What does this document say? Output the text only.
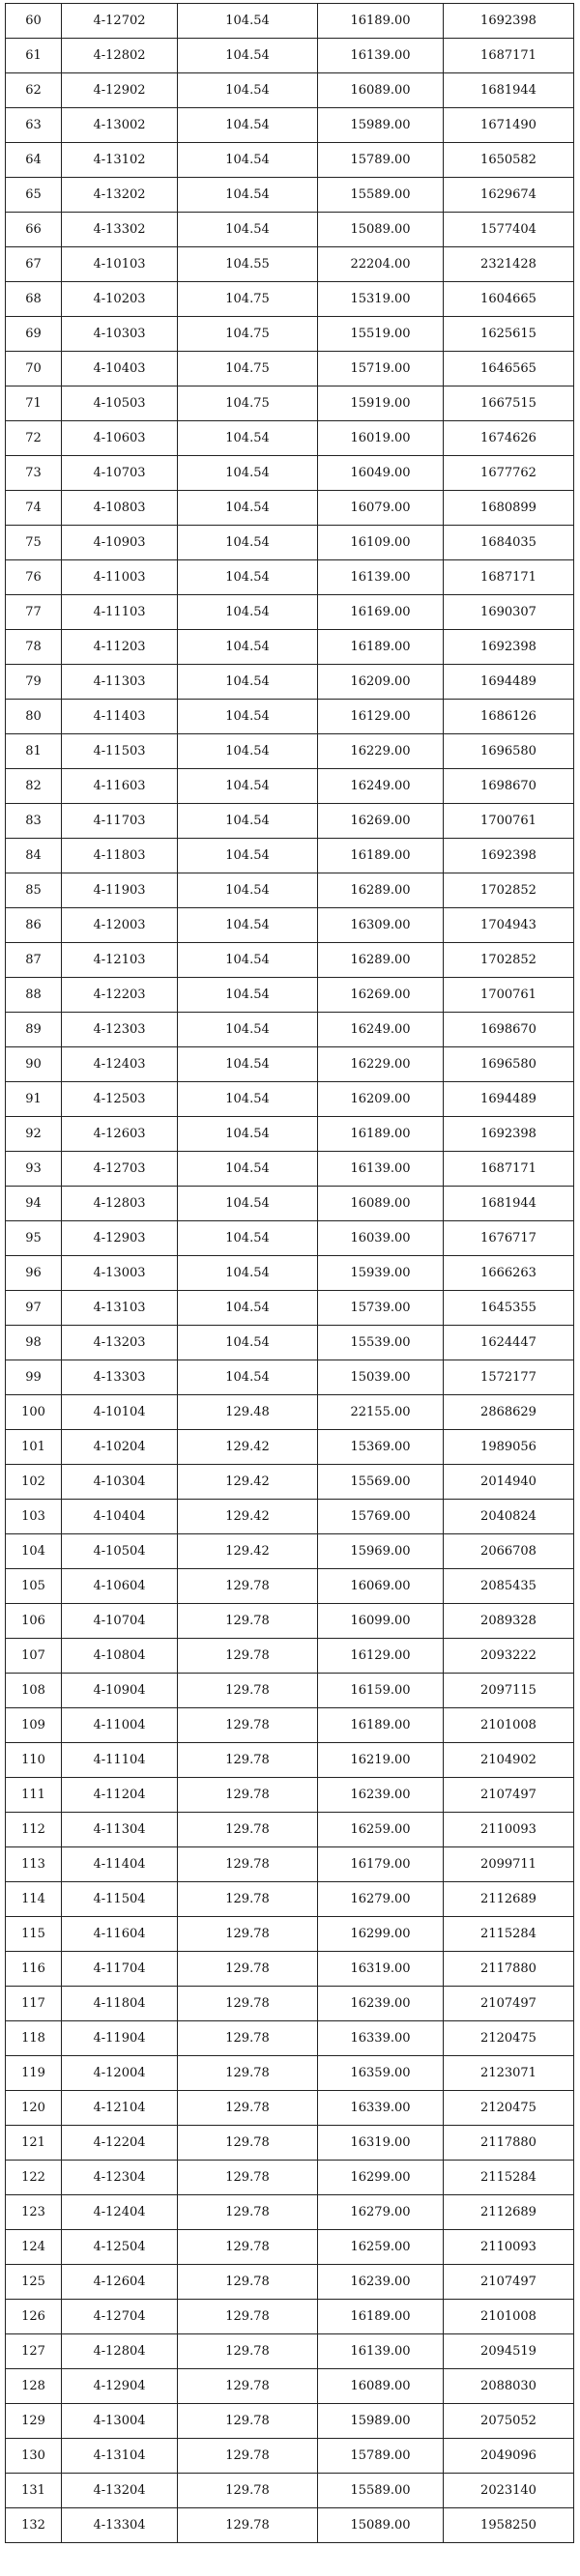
60	4-12702	104.54	16189.00	1692398
61	4-12802	104.54	16139.00	1687171
62	4-12902	104.54	16089.00	1681944
63	4-13002	104.54	15989.00	1671490
64	4-13102	104.54	15789.00	1650582
65	4-13202	104.54	15589.00	1629674
66	4-13302	104.54	15089.00	1577404
67	4-10103	104.55	22204.00	2321428
68	4-10203	104.75	15319.00	1604665
69	4-10303	104.75	15519.00	1625615
70	4-10403	104.75	15719.00	1646565
71	4-10503	104.75	15919.00	1667515
72	4-10603	104.54	16019.00	1674626
73	4-10703	104.54	16049.00	1677762
74	4-10803	104.54	16079.00	1680899
75	4-10903	104.54	16109.00	1684035
76	4-11003	104.54	16139.00	1687171
77	4-11103	104.54	16169.00	1690307
78	4-11203	104.54	16189.00	1692398
79	4-11303	104.54	16209.00	1694489
80	4-11403	104.54	16129.00	1686126
81	4-11503	104.54	16229.00	1696580
82	4-11603	104.54	16249.00	1698670
83	4-11703	104.54	16269.00	1700761
84	4-11803	104.54	16189.00	1692398
85	4-11903	104.54	16289.00	1702852
86	4-12003	104.54	16309.00	1704943
87	4-12103	104.54	16289.00	1702852
88	4-12203	104.54	16269.00	1700761
89	4-12303	104.54	16249.00	1698670
90	4-12403	104.54	16229.00	1696580
91	4-12503	104.54	16209.00	1694489
92	4-12603	104.54	16189.00	1692398
93	4-12703	104.54	16139.00	1687171
94	4-12803	104.54	16089.00	1681944
95	4-12903	104.54	16039.00	1676717
96	4-13003	104.54	15939.00	1666263
97	4-13103	104.54	15739.00	1645355
98	4-13203	104.54	15539.00	1624447
99	4-13303	104.54	15039.00	1572177
100	4-10104	129.48	22155.00	2868629
101	4-10204	129.42	15369.00	1989056
102	4-10304	129.42	15569.00	2014940
103	4-10404	129.42	15769.00	2040824
104	4-10504	129.42	15969.00	2066708
105	4-10604	129.78	16069.00	2085435
106	4-10704	129.78	16099.00	2089328
107	4-10804	129.78	16129.00	2093222
108	4-10904	129.78	16159.00	2097115
109	4-11004	129.78	16189.00	2101008
110	4-11104	129.78	16219.00	2104902
111	4-11204	129.78	16239.00	2107497
112	4-11304	129.78	16259.00	2110093
113	4-11404	129.78	16179.00	2099711
114	4-11504	129.78	16279.00	2112689
115	4-11604	129.78	16299.00	2115284
116	4-11704	129.78	16319.00	2117880
117	4-11804	129.78	16239.00	2107497
118	4-11904	129.78	16339.00	2120475
119	4-12004	129.78	16359.00	2123071
120	4-12104	129.78	16339.00	2120475
121	4-12204	129.78	16319.00	2117880
122	4-12304	129.78	16299.00	2115284
123	4-12404	129.78	16279.00	2112689
124	4-12504	129.78	16259.00	2110093
125	4-12604	129.78	16239.00	2107497
126	4-12704	129.78	16189.00	2101008
127	4-12804	129.78	16139.00	2094519
128	4-12904	129.78	16089.00	2088030
129	4-13004	129.78	15989.00	2075052
130	4-13104	129.78	15789.00	2049096
131	4-13204	129.78	15589.00	2023140
132	4-13304	129.78	15089.00	1958250
